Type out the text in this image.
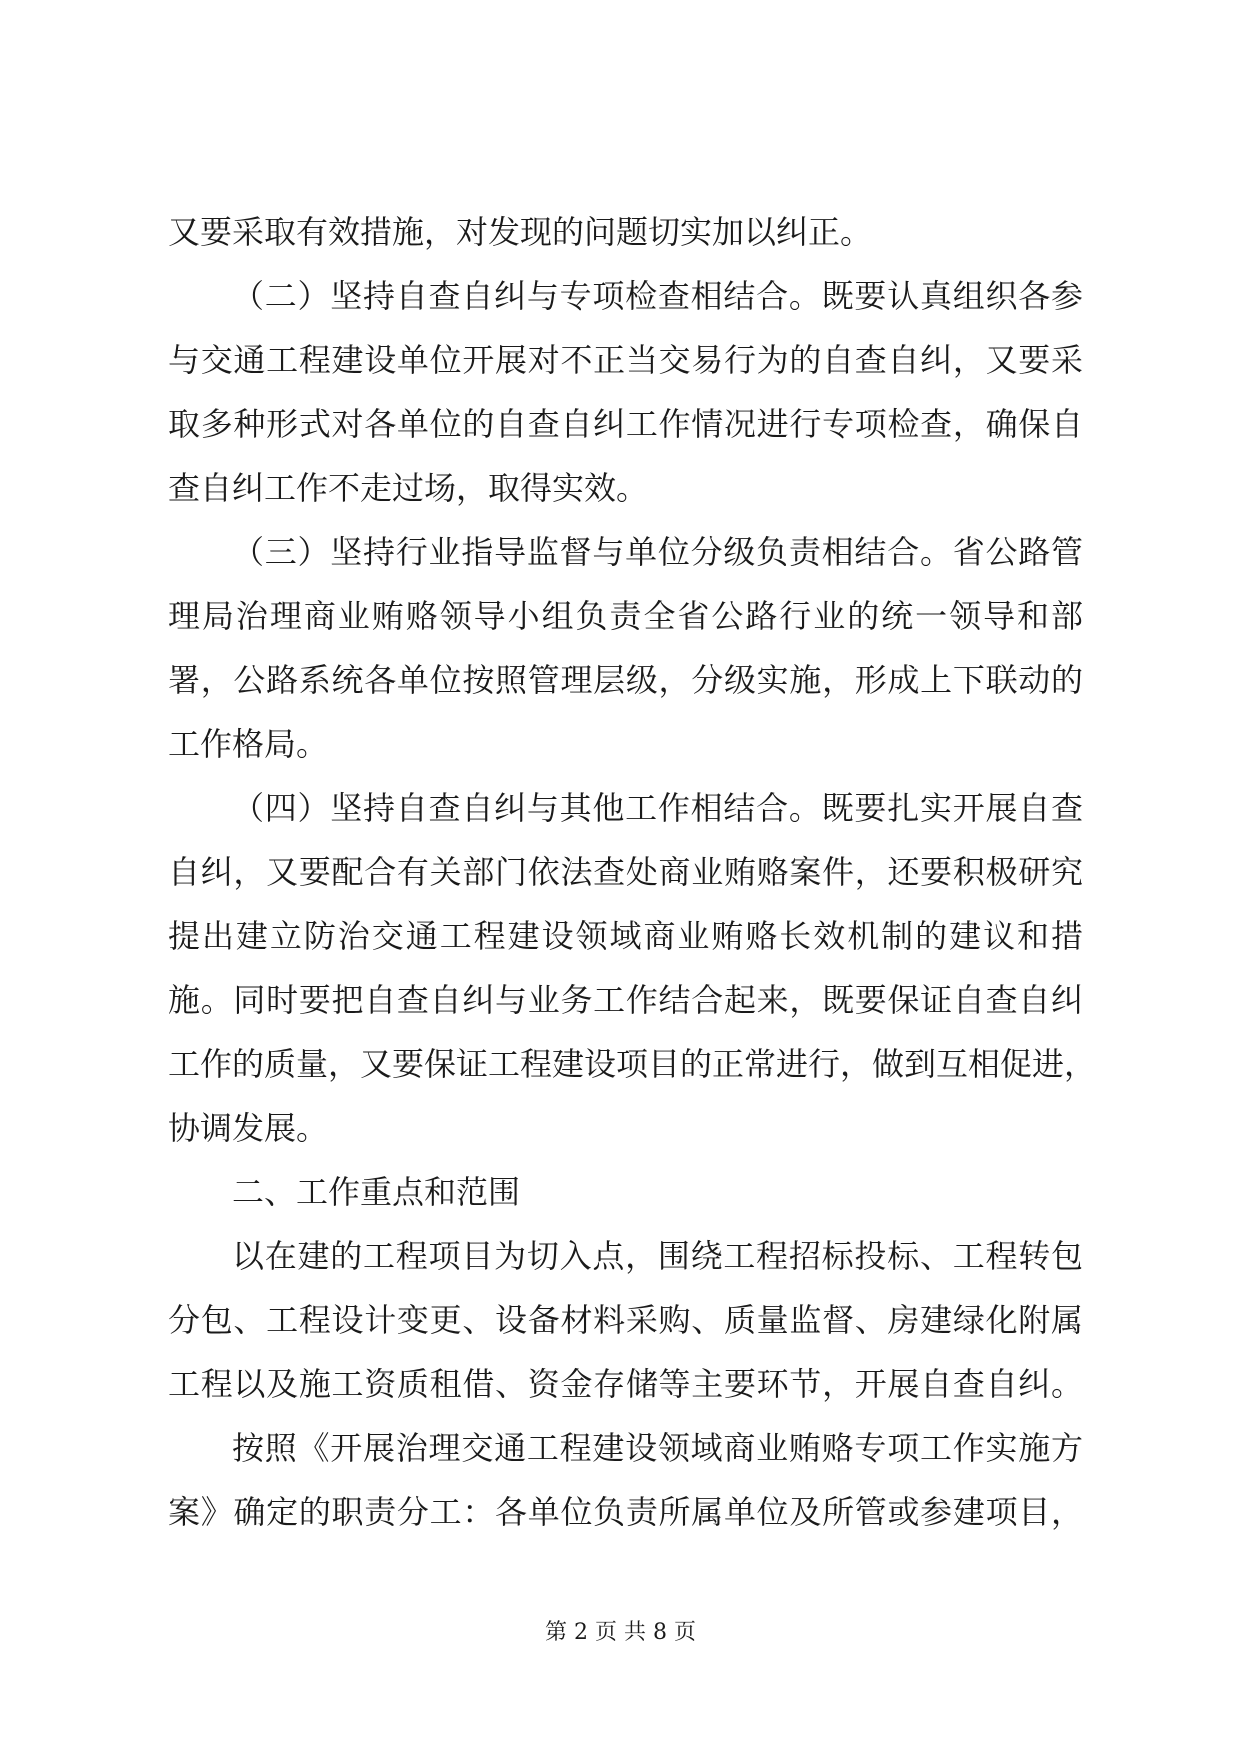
又要采取有效措施，对发现的问题切实加以纠正。
（二）坚持自查自纠与专项检查相结合。既要认真组织各参
与交通工程建设单位开展对不正当交易行为的自查自纠，又要采
取多种形式对各单位的自查自纠工作情况进行专项检查，确保自
查自纠工作不走过场，取得实效。
（三）坚持行业指导监督与单位分级负责相结合。省公路管
理局治理商业贿赂领导小组负责全省公路行业的统一领导和部
署，公路系统各单位按照管理层级，分级实施，形成上下联动的
工作格局。
（四）坚持自查自纠与其他工作相结合。既要扎实开展自查
自纠，又要配合有关部门依法查处商业贿赂案件，还要积极研究
提出建立防治交通工程建设领域商业贿赂长效机制的建议和措
施。同时要把自查自纠与业务工作结合起来，既要保证自查自纠
工作的质量，又要保证工程建设项目的正常进行，做到互相促进，
协调发展。
二、工作重点和范围
以在建的工程项目为切入点，围绕工程招标投标、工程转包
分包、工程设计变更、设备材料采购、质量监督、房建绿化附属
工程以及施工资质租借、资金存储等主要环节，开展自查自纠。
按照《开展治理交通工程建设领域商业贿赂专项工作实施方
案》确定的职责分工：各单位负责所属单位及所管或参建项目，
第 2 页 共 8 页
